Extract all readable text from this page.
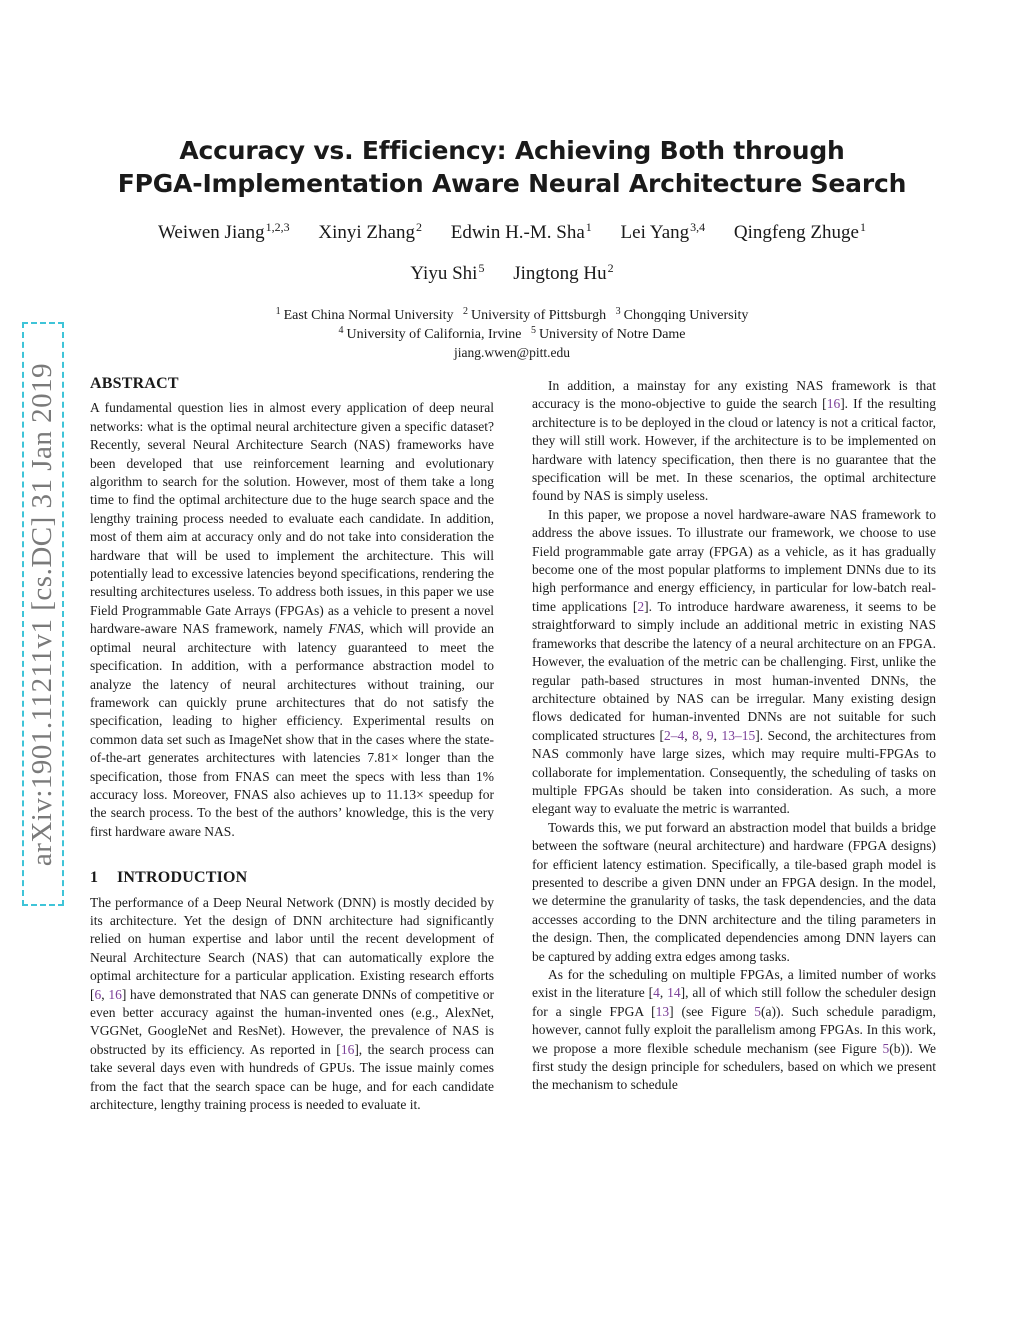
arXiv:1901.11211v1 [cs.DC] 31 Jan 2019
Accuracy vs. Efficiency: Achieving Both through
FPGA-Implementation Aware Neural Architecture Search
Weiwen Jiang$^{1,2,3}$ Xinyi Zhang$^2$ Edwin H.-M. Sha$^1$ Lei Yang$^{3,4}$ Qingfeng Zhuge$^1$
Yiyu Shi$^5$ Jingtong Hu$^2$
$^1$ East China Normal University $^2$ University of Pittsburgh $^3$ Chongqing University
$^4$ University of California, Irvine $^5$ University of Notre Dame
jiang.wwen@pitt.edu
ABSTRACT

A fundamental question lies in almost every application of deep neural networks: what is the optimal neural architecture given a specific dataset? Recently, several Neural Architecture Search (NAS) frameworks have been developed that use reinforcement learning and evolutionary algorithm to search for the solution. However, most of them take a long time to find the optimal architecture due to the huge search space and the lengthy training process needed to evaluate each candidate. In addition, most of them aim at accuracy only and do not take into consideration the hardware that will be used to implement the architecture. This will potentially lead to excessive latencies beyond specifications, rendering the resulting architectures useless. To address both issues, in this paper we use Field Programmable Gate Arrays (FPGAs) as a vehicle to present a novel hardware-aware NAS framework, namely FNAS, which will provide an optimal neural architecture with latency guaranteed to meet the specification. In addition, with a performance abstraction model to analyze the latency of neural architectures without training, our framework can quickly prune architectures that do not satisfy the specification, leading to higher efficiency. Experimental results on common data set such as ImageNet show that in the cases where the state-of-the-art generates architectures with latencies 7.81× longer than the specification, those from FNAS can meet the specs with less than 1% accuracy loss. Moreover, FNAS also achieves up to 11.13× speedup for the search process. To the best of the authors’ knowledge, this is the very first hardware aware NAS.

1 INTRODUCTION

The performance of a Deep Neural Network (DNN) is mostly decided by its architecture. Yet the design of DNN architecture had significantly relied on human expertise and labor until the recent development of Neural Architecture Search (NAS) that can automatically explore the optimal architecture for a particular application. Existing research efforts [6, 16] have demonstrated that NAS can generate DNNs of competitive or even better accuracy against the human-invented ones (e.g., AlexNet, VGGNet, GoogleNet and ResNet). However, the prevalence of NAS is obstructed by its efficiency. As reported in [16], the search process can take several days even with hundreds of GPUs. The issue mainly comes from the fact that the search space can be huge, and for each candidate architecture, lengthy training process is needed to evaluate it.

In addition, a mainstay for any existing NAS framework is that accuracy is the mono-objective to guide the search [16]. If the resulting architecture is to be deployed in the cloud or latency is not a critical factor, they will still work. However, if the architecture is to be implemented on hardware with latency specification, then there is no guarantee that the specification will be met. In these scenarios, the optimal architecture found by NAS is simply useless.

In this paper, we propose a novel hardware-aware NAS framework to address the above issues. To illustrate our framework, we choose to use Field programmable gate array (FPGA) as a vehicle, as it has gradually become one of the most popular platforms to implement DNNs due to its high performance and energy efficiency, in particular for low-batch real-time applications [2]. To introduce hardware awareness, it seems to be straightforward to simply include an additional metric in existing NAS frameworks that describe the latency of a neural architecture on an FPGA. However, the evaluation of the metric can be challenging. First, unlike the regular path-based structures in most human-invented DNNs, the architecture obtained by NAS can be irregular. Many existing design flows dedicated for human-invented DNNs are not suitable for such complicated structures [2–4, 8, 9, 13–15]. Second, the architectures from NAS commonly have large sizes, which may require multi-FPGAs to collaborate for implementation. Consequently, the scheduling of tasks on multiple FPGAs should be taken into consideration. As such, a more elegant way to evaluate the metric is warranted.

Towards this, we put forward an abstraction model that builds a bridge between the software (neural architecture) and hardware (FPGA designs) for efficient latency estimation. Specifically, a tile-based graph model is presented to describe a given DNN under an FPGA design. In the model, we determine the granularity of tasks, the task dependencies, and the data accesses according to the DNN architecture and the tiling parameters in the design. Then, the complicated dependencies among DNN layers can be captured by adding extra edges among tasks.

As for the scheduling on multiple FPGAs, a limited number of works exist in the literature [4, 14], all of which still follow the scheduler design for a single FPGA [13] (see Figure 5(a)). Such schedule paradigm, however, cannot fully exploit the parallelism among FPGAs. In this work, we propose a more flexible schedule mechanism (see Figure 5(b)). We first study the design principle for schedulers, based on which we present the mechanism to schedule
